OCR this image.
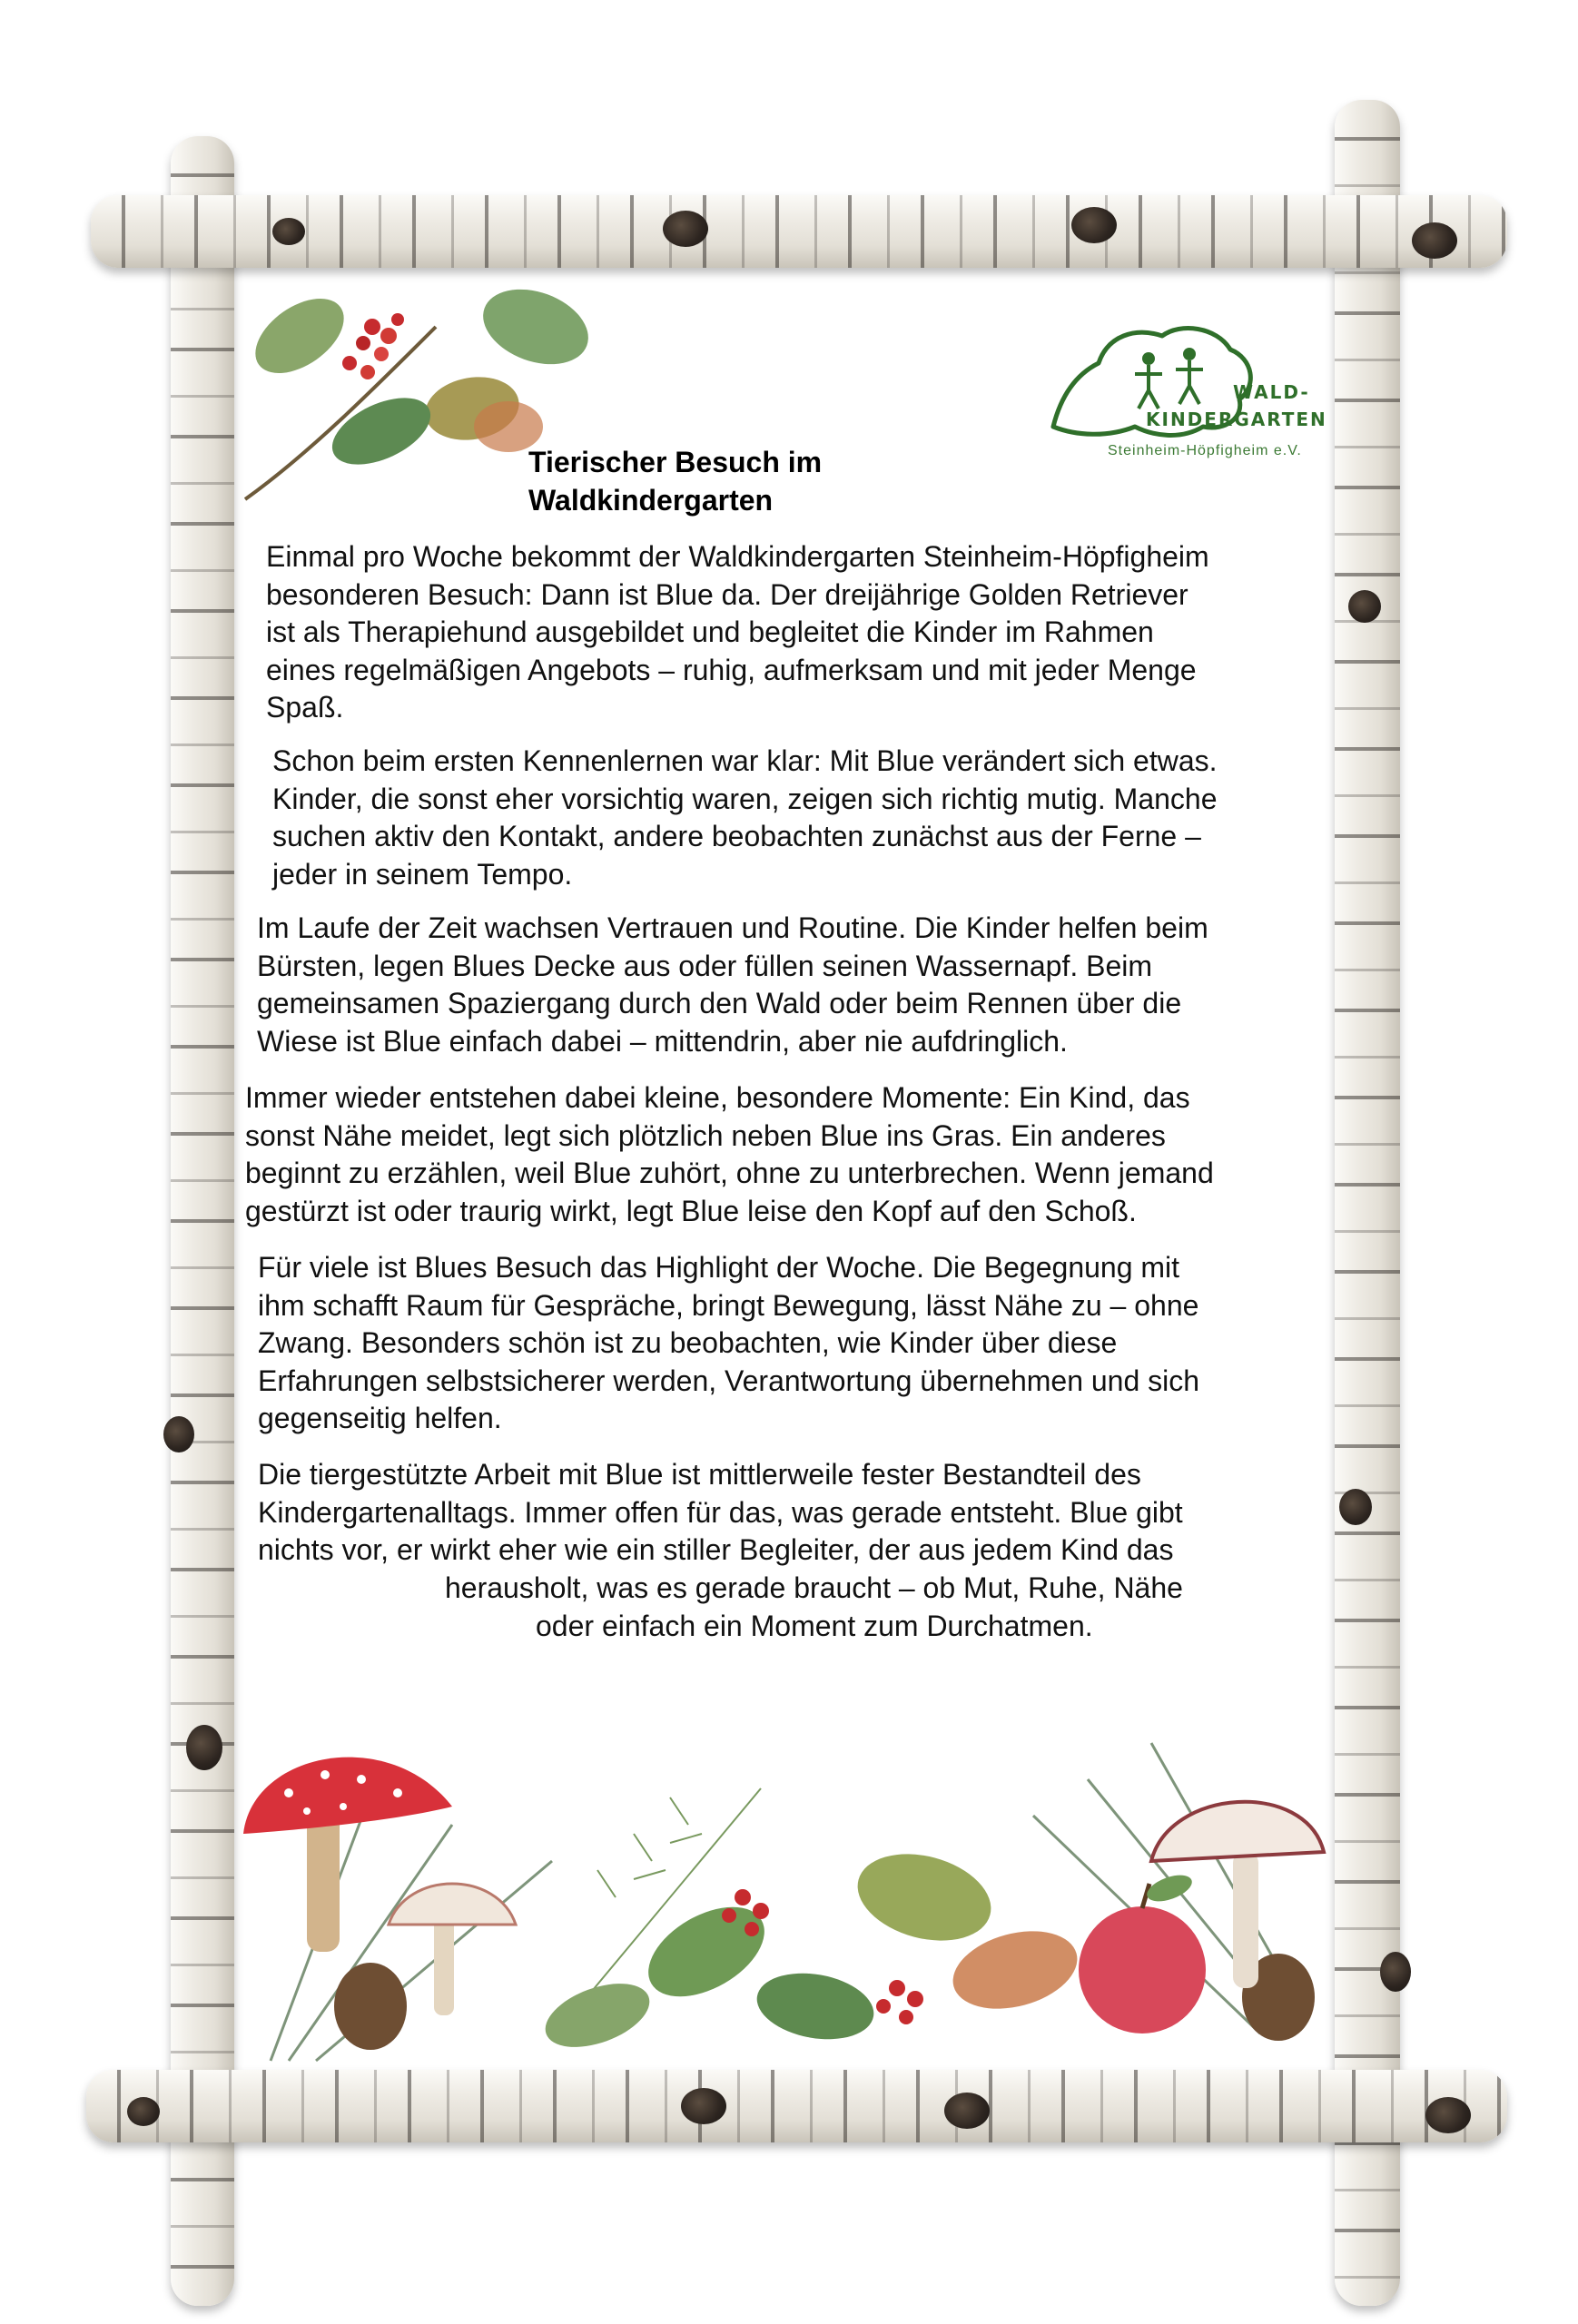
WALD-
KINDERGARTEN
Steinheim-Höpfigheim e.V.
Tierischer Besuch im
Waldkindergarten

Einmal pro Woche bekommt der Waldkindergarten Steinheim-Höpfigheim
besonderen Besuch: Dann ist Blue da. Der dreijährige Golden Retriever
ist als Therapiehund ausgebildet und begleitet die Kinder im Rahmen
eines regelmäßigen Angebots – ruhig, aufmerksam und mit jeder Menge
Spaß.

Schon beim ersten Kennenlernen war klar: Mit Blue verändert sich etwas.
Kinder, die sonst eher vorsichtig waren, zeigen sich richtig mutig. Manche
suchen aktiv den Kontakt, andere beobachten zunächst aus der Ferne –
jeder in seinem Tempo.

Im Laufe der Zeit wachsen Vertrauen und Routine. Die Kinder helfen beim
Bürsten, legen Blues Decke aus oder füllen seinen Wassernapf. Beim
gemeinsamen Spaziergang durch den Wald oder beim Rennen über die
Wiese ist Blue einfach dabei – mittendrin, aber nie aufdringlich.

Immer wieder entstehen dabei kleine, besondere Momente: Ein Kind, das
sonst Nähe meidet, legt sich plötzlich neben Blue ins Gras. Ein anderes
beginnt zu erzählen, weil Blue zuhört, ohne zu unterbrechen. Wenn jemand
gestürzt ist oder traurig wirkt, legt Blue leise den Kopf auf den Schoß.

Für viele ist Blues Besuch das Highlight der Woche. Die Begegnung mit
ihm schafft Raum für Gespräche, bringt Bewegung, lässt Nähe zu – ohne
Zwang. Besonders schön ist zu beobachten, wie Kinder über diese
Erfahrungen selbstsicherer werden, Verantwortung übernehmen und sich
gegenseitig helfen.

Die tiergestützte Arbeit mit Blue ist mittlerweile fester Bestandteil des
Kindergartenalltags. Immer offen für das, was gerade entsteht. Blue gibt
nichts vor, er wirkt eher wie ein stiller Begleiter, der aus jedem Kind das

herausholt, was es gerade braucht – ob Mut, Ruhe, Nähe
oder einfach ein Moment zum Durchatmen.
